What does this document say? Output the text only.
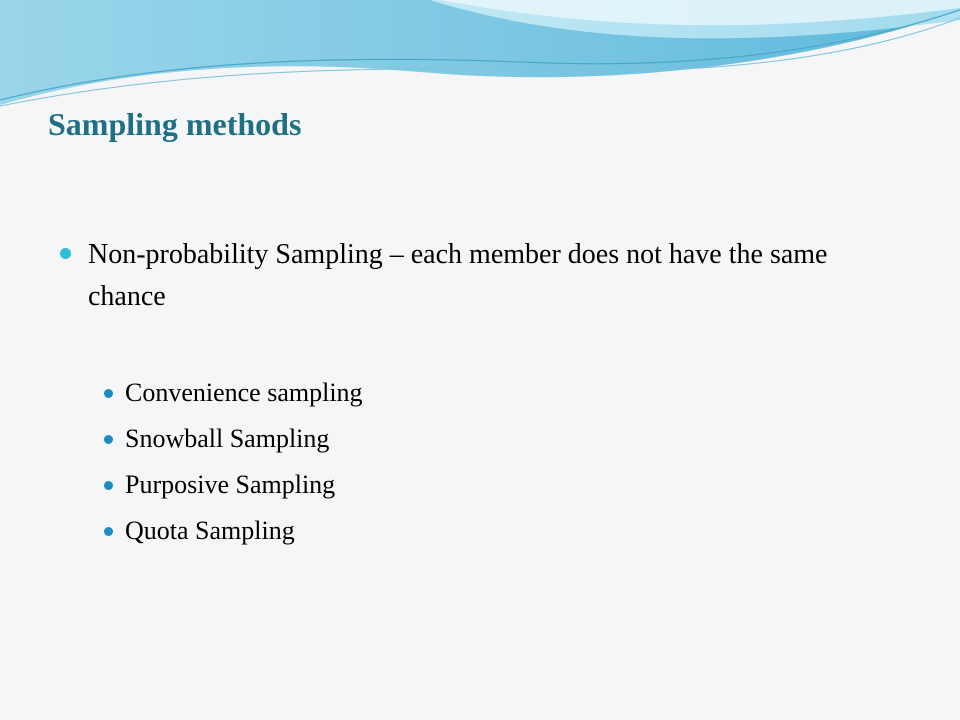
Sampling methods

Non-probability Sampling – each member does not have the same chance

Convenience sampling
Snowball Sampling
Purposive Sampling
Quota Sampling
